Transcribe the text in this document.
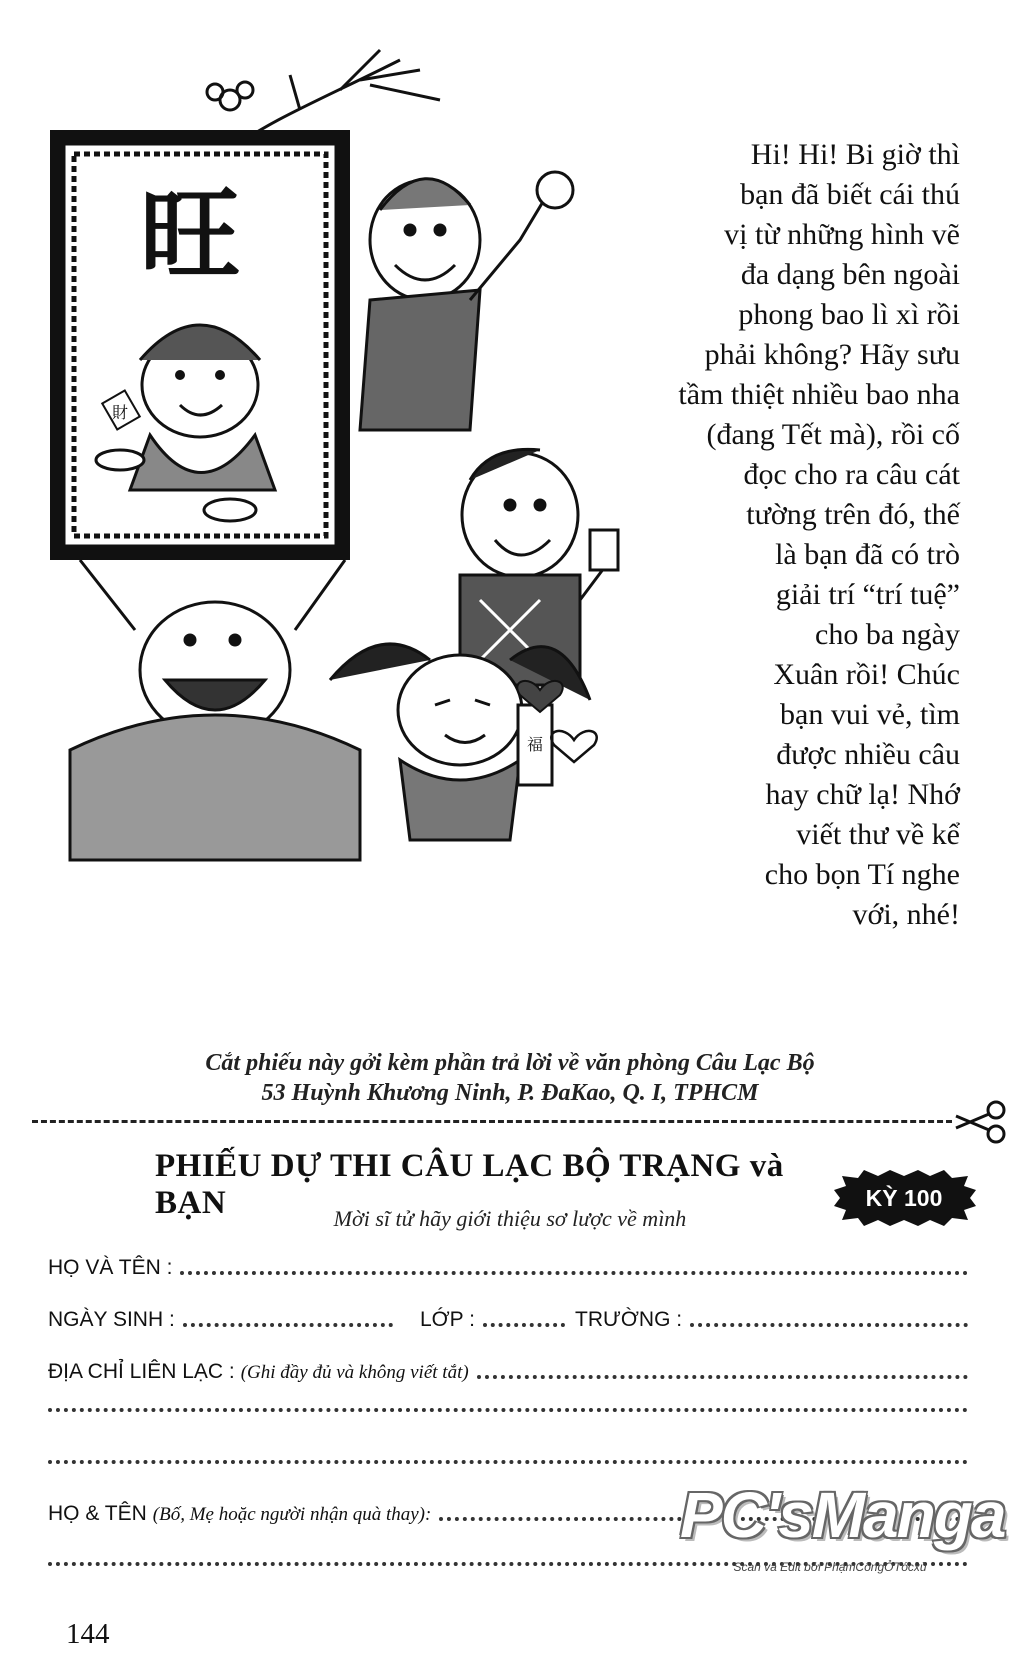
旺
財
福
Hi! Hi! Bi giờ thì
bạn đã biết cái thú
vị từ những hình vẽ
đa dạng bên ngoài
phong bao lì xì rồi
phải không? Hãy sưu
tầm thiệt nhiều bao nha
(đang Tết mà), rồi cố
đọc cho ra câu cát
tường trên đó, thế
là bạn đã có trò
giải trí “trí tuệ”
cho ba ngày
Xuân rồi! Chúc
bạn vui vẻ, tìm
được nhiều câu
hay chữ lạ! Nhớ
viết thư về kể
cho bọn Tí nghe
với, nhé!
Cắt phiếu này gởi kèm phần trả lời về văn phòng Câu Lạc Bộ
53 Huỳnh Khương Ninh, P. ĐaKao, Q. I, TPHCM
PHIẾU DỰ THI CÂU LẠC BỘ TRẠNG và BẠN	KỲ 100
Mời sĩ tử hãy giới thiệu sơ lược về mình
HỌ VÀ TÊN :
NGÀY SINH :	LỚP :	TRƯỜNG :
ĐỊA CHỈ LIÊN LẠC : (Ghi đầy đủ và không viết tắt)
HỌ & TÊN (Bố, Mẹ hoặc người nhận quà thay):	PC'sManga
Scan và Edit bởi PhạmCôngỞTócxù
144
